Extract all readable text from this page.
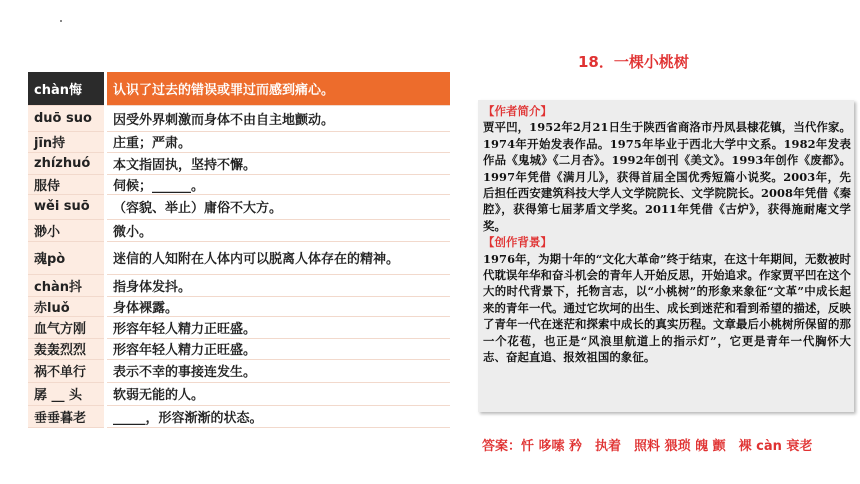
chàn悔	认识了过去的错误或罪过而感到痛心。
duō suo	因受外界刺激而身体不由自主地颤动。
jīn持	庄重；严肃。
zhízhuó	本文指固执，坚持不懈。
服侍	伺候；______。
wěi suō	（容貌、举止）庸俗不大方。
渺小	微小。
魂pò	迷信的人知附在人体内可以脱离人体存在的精神。
chàn抖	指身体发抖。
赤luǒ	身体裸露。
血气方刚	形容年轻人精力正旺盛。
轰轰烈烈	形容年轻人精力正旺盛。
祸不单行	表示不幸的事接连发生。
孱 __ 头	软弱无能的人。
垂垂暮老	_____，形容渐渐的状态。
18．一棵小桃树
【作者简介】

贾平凹，1952年2月21日生于陕西省商洛市丹凤县棣花镇，当代作家。1974年开始发表作品。1975年毕业于西北大学中文系。1982年发表作品《鬼城》《二月杏》。1992年创刊《美文》。1993年创作《废都》。1997年凭借《满月儿》，获得首届全国优秀短篇小说奖。2003年，先后担任西安建筑科技大学人文学院院长、文学院院长。2008年凭借《秦腔》，获得第七届茅盾文学奖。2011年凭借《古炉》，获得施耐庵文学奖。

【创作背景】

1976年，为期十年的“文化大革命”终于结束，在这十年期间，无数被时代耽误年华和奋斗机会的青年人开始反思，开始追求。作家贾平凹在这个大的时代背景下，托物言志，以“小桃树”的形象来象征“文革”中成长起来的青年一代。通过它坎坷的出生、成长到迷茫和看到希望的描述，反映了青年一代在迷茫和探索中成长的真实历程。文章最后小桃树所保留的那一个花苞，也正是“风浪里航道上的指示灯”，它更是青年一代胸怀大志、奋起直追、报效祖国的象征。

答案：忏 哆嗦 矜　执着　照料 猥琐 魄 颤　裸 càn 衰老
